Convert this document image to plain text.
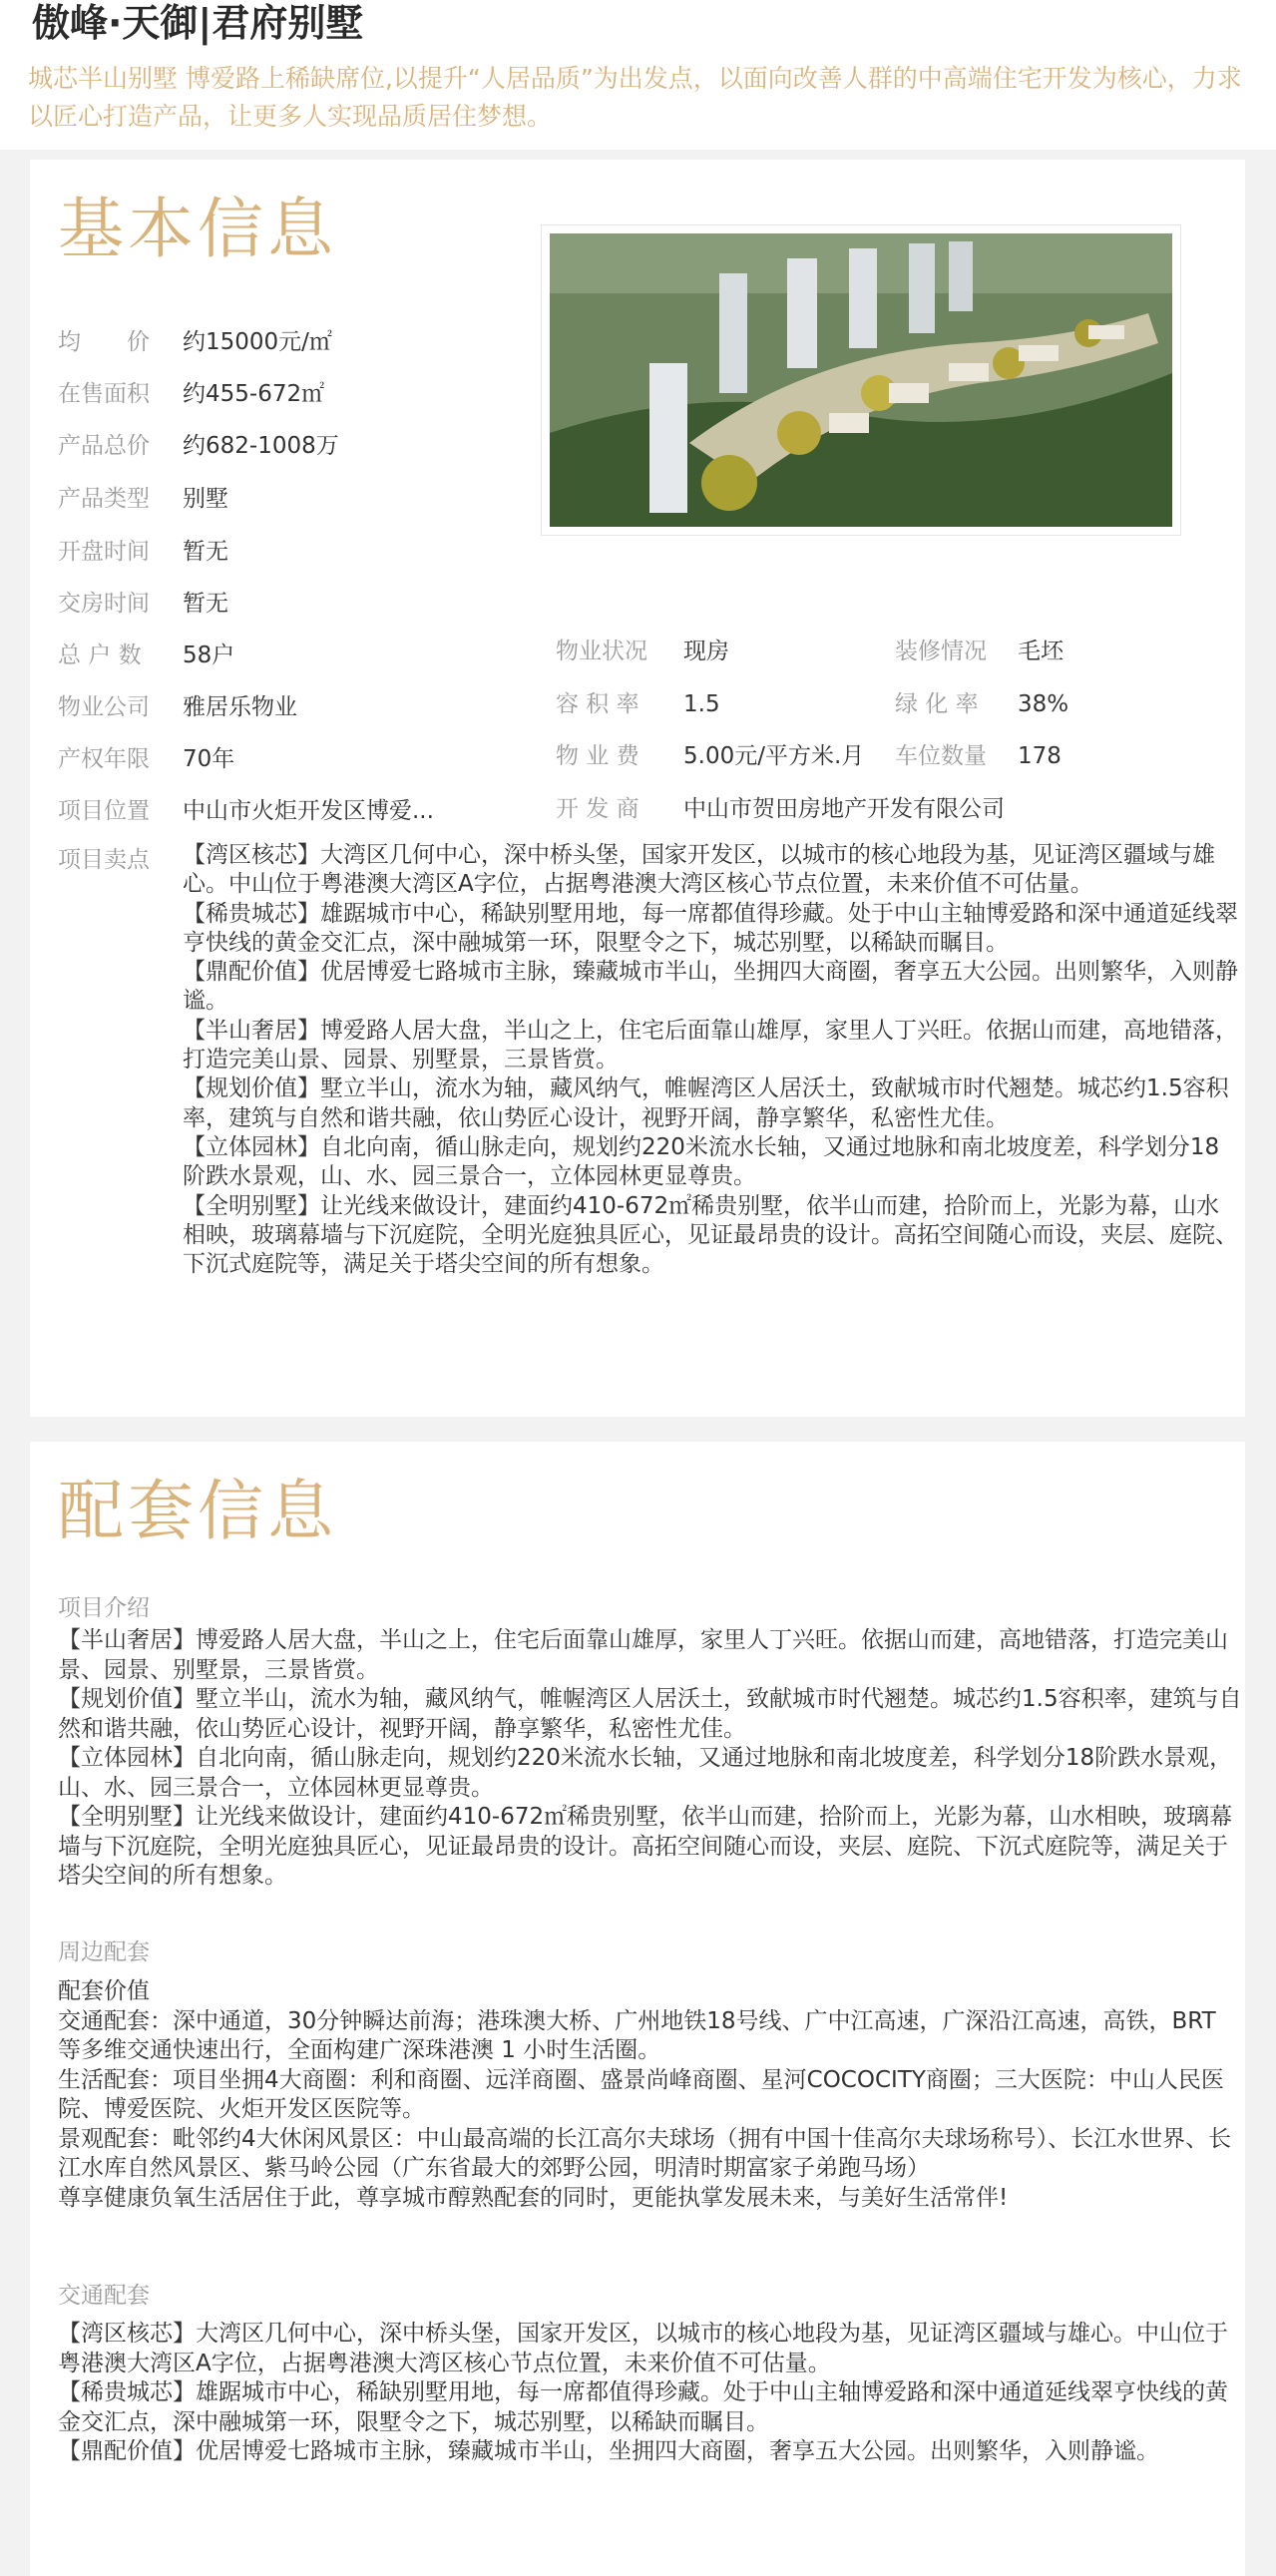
傲峰·天御|君府别墅
城芯半山别墅 博爱路上稀缺席位,以提升“人居品质”为出发点，以面向改善人群的中高端住宅开发为核心，力求以匠心打造产品，让更多人实现品质居住梦想。
基本信息
均　　价 约15000元/㎡
在售面积 约455-672㎡
产品总价 约682-1008万
产品类型 别墅
开盘时间 暂无
交房时间 暂无
总 户 数 58户
物业公司 雅居乐物业
产权年限 70年
项目位置 中山市火炬开发区博爱...
物业状况 现房
容 积 率 1.5
物 业 费 5.00元/平方米.月
开 发 商 中山市贺田房地产开发有限公司
装修情况 毛坯
绿 化 率 38%
车位数量 178
项目卖点 【湾区核芯】大湾区几何中心，深中桥头堡，国家开发区，以城市的核心地段为基，见证湾区疆域与雄心。中山位于粤港澳大湾区A字位，占据粤港澳大湾区核心节点位置，未来价值不可估量。
【稀贵城芯】雄踞城市中心，稀缺别墅用地，每一席都值得珍藏。处于中山主轴博爱路和深中通道延线翠亨快线的黄金交汇点，深中融城第一环，限墅令之下，城芯别墅，以稀缺而瞩目。
【鼎配价值】优居博爱七路城市主脉，臻藏城市半山，坐拥四大商圈，奢享五大公园。出则繁华，入则静谧。
【半山奢居】博爱路人居大盘，半山之上，住宅后面靠山雄厚，家里人丁兴旺。依据山而建，高地错落，打造完美山景、园景、别墅景，三景皆赏。
【规划价值】墅立半山，流水为轴，藏风纳气，帷幄湾区人居沃土，致献城市时代翘楚。城芯约1.5容积率，建筑与自然和谐共融，依山势匠心设计，视野开阔，静享繁华，私密性尤佳。
【立体园林】自北向南，循山脉走向，规划约220米流水长轴，又通过地脉和南北坡度差，科学划分18阶跌水景观，山、水、园三景合一，立体园林更显尊贵。
【全明别墅】让光线来做设计，建面约410-672㎡稀贵别墅，依半山而建，拾阶而上，光影为幕，山水相映，玻璃幕墙与下沉庭院，全明光庭独具匠心，见证最昂贵的设计。高拓空间随心而设，夹层、庭院、下沉式庭院等，满足关于塔尖空间的所有想象。
配套信息
项目介绍
【半山奢居】博爱路人居大盘，半山之上，住宅后面靠山雄厚，家里人丁兴旺。依据山而建，高地错落，打造完美山景、园景、别墅景，三景皆赏。
【规划价值】墅立半山，流水为轴，藏风纳气，帷幄湾区人居沃土，致献城市时代翘楚。城芯约1.5容积率，建筑与自然和谐共融，依山势匠心设计，视野开阔，静享繁华，私密性尤佳。
【立体园林】自北向南，循山脉走向，规划约220米流水长轴，又通过地脉和南北坡度差，科学划分18阶跌水景观，山、水、园三景合一，立体园林更显尊贵。
【全明别墅】让光线来做设计，建面约410-672㎡稀贵别墅，依半山而建，拾阶而上，光影为幕，山水相映，玻璃幕墙与下沉庭院，全明光庭独具匠心，见证最昂贵的设计。高拓空间随心而设，夹层、庭院、下沉式庭院等，满足关于塔尖空间的所有想象。
周边配套
配套价值
交通配套：深中通道，30分钟瞬达前海；港珠澳大桥、广州地铁18号线、广中江高速，广深沿江高速，高铁，BRT 等多维交通快速出行，全面构建广深珠港澳 1 小时生活圈。
生活配套：项目坐拥4大商圈：利和商圈、远洋商圈、盛景尚峰商圈、星河COCOCITY商圈；三大医院：中山人民医院、博爱医院、火炬开发区医院等。
景观配套：毗邻约4大休闲风景区：中山最高端的长江高尔夫球场（拥有中国十佳高尔夫球场称号）、长江水世界、长江水库自然风景区、紫马岭公园（广东省最大的郊野公园，明清时期富家子弟跑马场）
尊享健康负氧生活居住于此，尊享城市醇熟配套的同时，更能执掌发展未来，与美好生活常伴!
交通配套
【湾区核芯】大湾区几何中心，深中桥头堡，国家开发区，以城市的核心地段为基，见证湾区疆域与雄心。中山位于粤港澳大湾区A字位，占据粤港澳大湾区核心节点位置，未来价值不可估量。
【稀贵城芯】雄踞城市中心，稀缺别墅用地，每一席都值得珍藏。处于中山主轴博爱路和深中通道延线翠亨快线的黄金交汇点，深中融城第一环，限墅令之下，城芯别墅，以稀缺而瞩目。
【鼎配价值】优居博爱七路城市主脉，臻藏城市半山，坐拥四大商圈，奢享五大公园。出则繁华，入则静谧。
